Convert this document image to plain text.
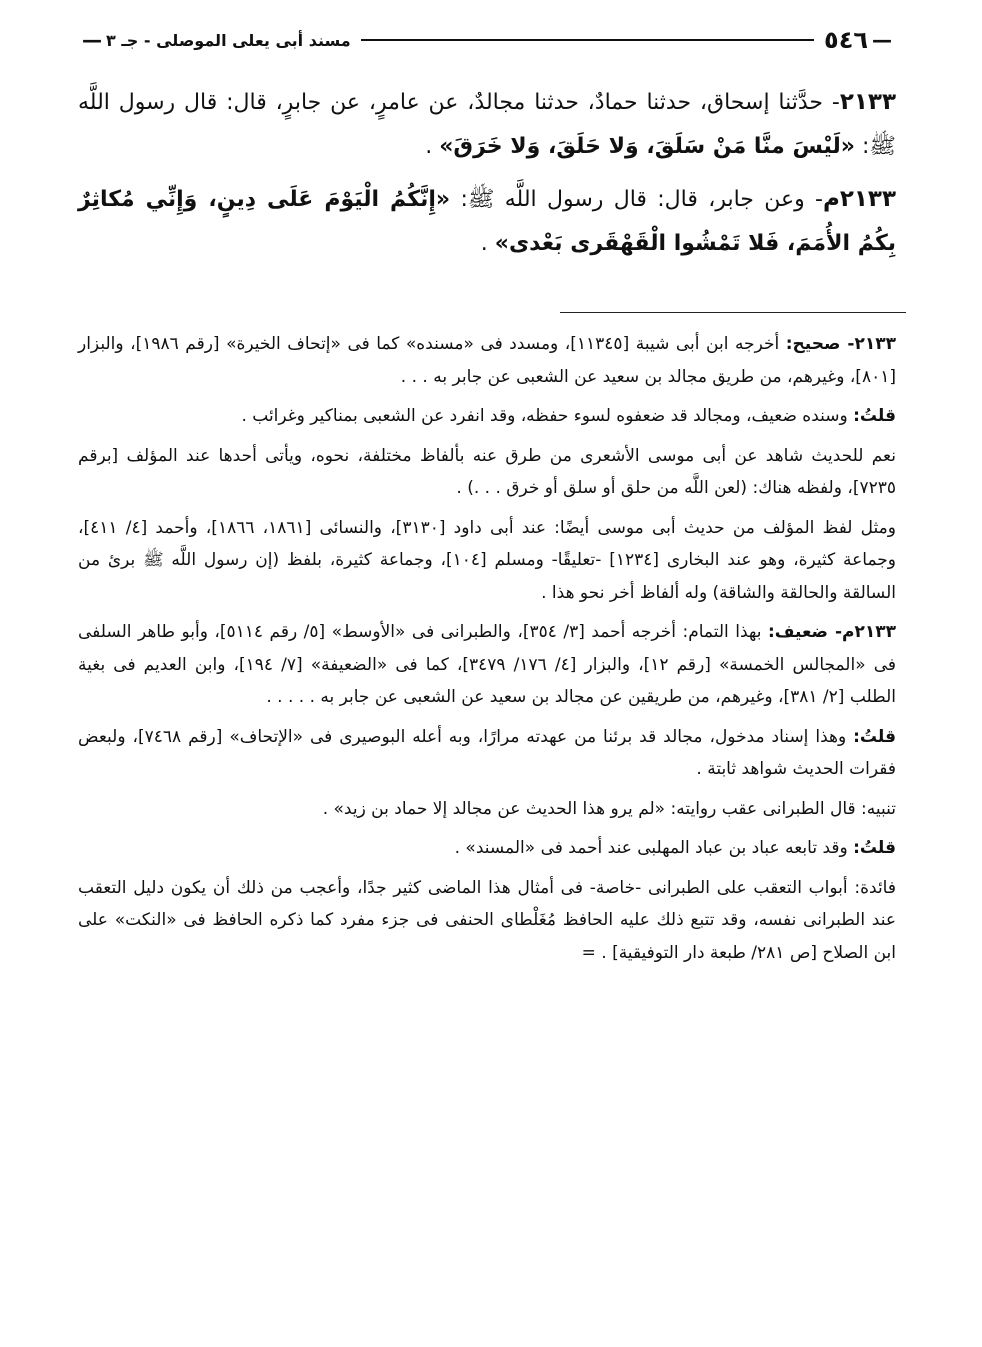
—
٥٤٦
مسند أبى يعلى الموصلى - جـ ٣
—

٢١٣٣- حدَّثنا إسحاق، حدثنا حمادٌ، حدثنا مجالدٌ، عن عامرٍ، عن جابرٍ، قال: قال رسول اللَّه ﷺ: «لَيْسَ منَّا مَنْ سَلَقَ، وَلا حَلَقَ، وَلا خَرَقَ» .

٢١٣٣م- وعن جابر، قال: قال رسول اللَّه ﷺ: «إِنَّكُمُ الْيَوْمَ عَلَى دِينٍ، وَإِنِّي مُكاثِرٌ بِكُمُ الأُمَمَ، فَلا تَمْشُوا الْقَهْقَرى بَعْدى» .

٢١٣٣- صحيح: أخرجه ابن أبى شيبة [١١٣٤٥]، ومسدد فى «مسنده» كما فى «إتحاف الخيرة» [رقم ١٩٨٦]، والبزار [٨٠١]، وغيرهم، من طريق مجالد بن سعيد عن الشعبى عن جابر به . . .

قلتُ: وسنده ضعيف، ومجالد قد ضعفوه لسوء حفظه، وقد انفرد عن الشعبى بمناكير وغرائب .

نعم للحديث شاهد عن أبى موسى الأشعرى من طرق عنه بألفاظ مختلفة، نحوه، ويأتى أحدها عند المؤلف [برقم ٧٢٣٥]، ولفظه هناك: (لعن اللَّه من حلق أو سلق أو خرق . . .) .

ومثل لفظ المؤلف من حديث أبى موسى أيضًا: عند أبى داود [٣١٣٠]، والنسائى [١٨٦١، ١٨٦٦]، وأحمد [٤/ ٤١١]، وجماعة كثيرة، وهو عند البخارى [١٢٣٤] -تعليقًا- ومسلم [١٠٤]، وجماعة كثيرة، بلفظ (إن رسول اللَّه ﷺ برئ من السالقة والحالقة والشاقة) وله ألفاظ أخر نحو هذا .

٢١٣٣م- ضعيف: بهذا التمام: أخرجه أحمد [٣/ ٣٥٤]، والطبرانى فى «الأوسط» [٥/ رقم ٥١١٤]، وأبو طاهر السلفى فى «المجالس الخمسة» [رقم ١٢]، والبزار [٤/ ١٧٦/ ٣٤٧٩]، كما فى «الضعيفة» [٧/ ١٩٤]، وابن العديم فى بغية الطلب [٢/ ٣٨١]، وغيرهم، من طريقين عن مجالد بن سعيد عن الشعبى عن جابر به . . . . .

قلتُ: وهذا إسناد مدخول، مجالد قد برئنا من عهدته مرارًا، وبه أعله البوصيرى فى «الإتحاف» [رقم ٧٤٦٨]، ولبعض فقرات الحديث شواهد ثابتة .

تنبيه: قال الطبرانى عقب روايته: «لم يرو هذا الحديث عن مجالد إلا حماد بن زيد» .

قلتُ: وقد تابعه عباد بن عباد المهلبى عند أحمد فى «المسند» .

فائدة: أبواب التعقب على الطبرانى -خاصة- فى أمثال هذا الماضى كثير جدًا، وأعجب من ذلك أن يكون دليل التعقب عند الطبرانى نفسه، وقد تتبع ذلك عليه الحافظ مُغَلْطاى الحنفى فى جزء مفرد كما ذكره الحافظ فى «النكت» على ابن الصلاح [ص ٢٨١/ طبعة دار التوفيقية] . =
